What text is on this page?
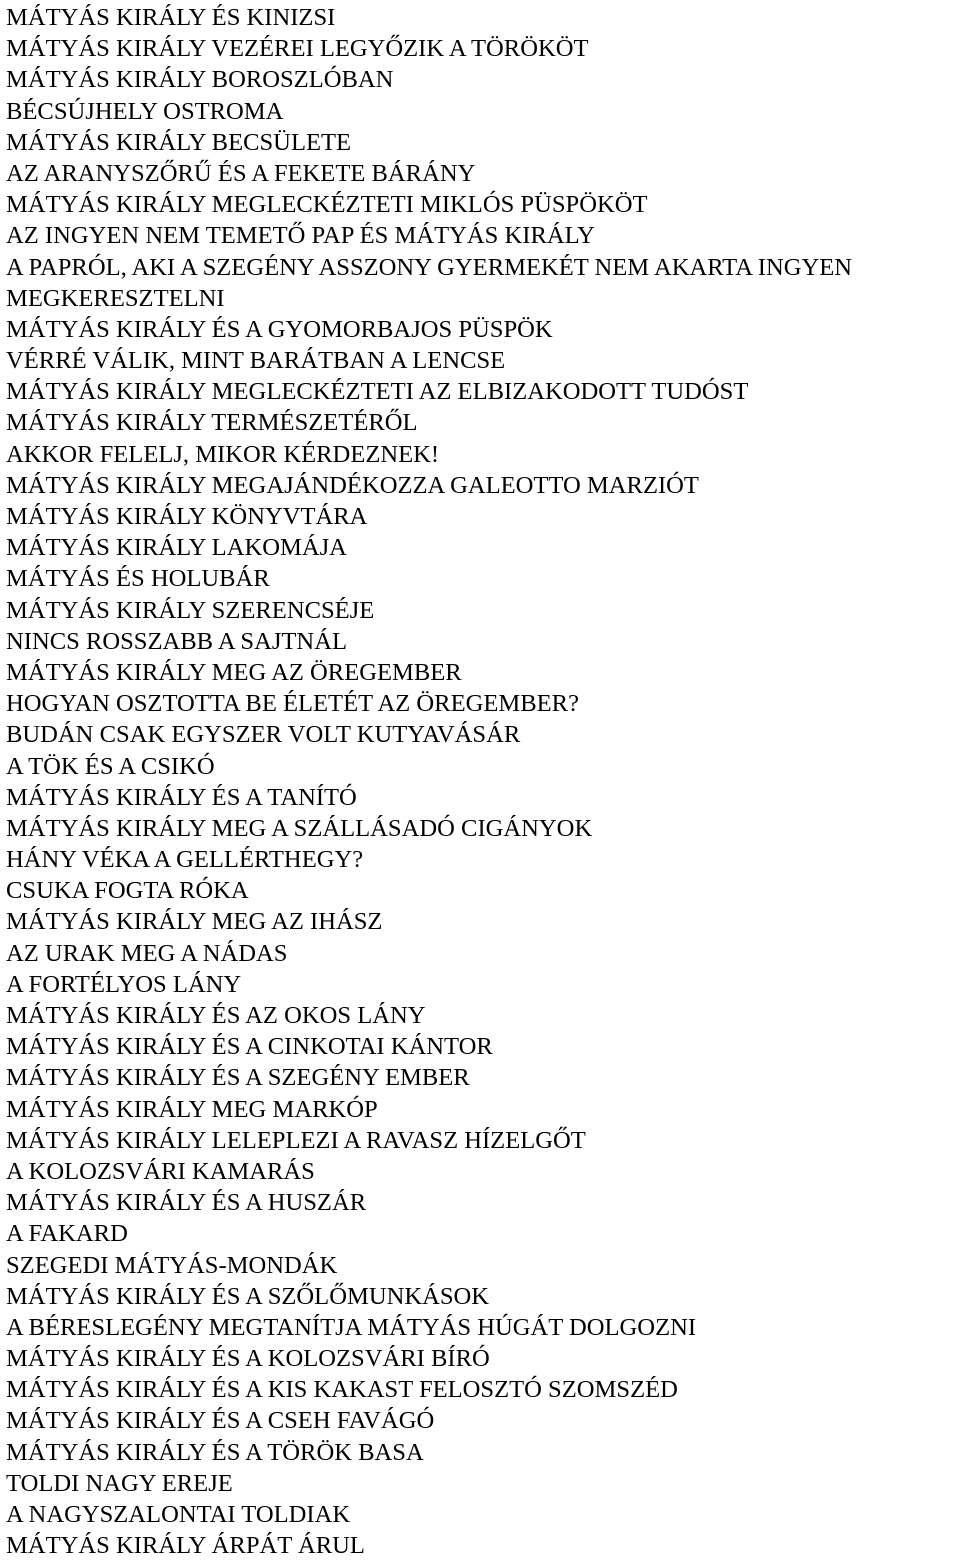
MÁTYÁS KIRÁLY ÉS KINIZSI
MÁTYÁS KIRÁLY VEZÉREI LEGYŐZIK A TÖRÖKÖT
MÁTYÁS KIRÁLY BOROSZLÓBAN
BÉCSÚJHELY OSTROMA
MÁTYÁS KIRÁLY BECSÜLETE
AZ ARANYSZŐRŰ ÉS A FEKETE BÁRÁNY
MÁTYÁS KIRÁLY MEGLECKÉZTETI MIKLÓS PÜSPÖKÖT
AZ INGYEN NEM TEMETŐ PAP ÉS MÁTYÁS KIRÁLY
A PAPRÓL, AKI A SZEGÉNY ASSZONY GYERMEKÉT NEM AKARTA INGYEN
MEGKERESZTELNI
MÁTYÁS KIRÁLY ÉS A GYOMORBAJOS PÜSPÖK
VÉRRÉ VÁLIK, MINT BARÁTBAN A LENCSE
MÁTYÁS KIRÁLY MEGLECKÉZTETI AZ ELBIZAKODOTT TUDÓST
MÁTYÁS KIRÁLY TERMÉSZETÉRŐL
AKKOR FELELJ, MIKOR KÉRDEZNEK!
MÁTYÁS KIRÁLY MEGAJÁNDÉKOZZA GALEOTTO MARZIÓT
MÁTYÁS KIRÁLY KÖNYVTÁRA
MÁTYÁS KIRÁLY LAKOMÁJA
MÁTYÁS ÉS HOLUBÁR
MÁTYÁS KIRÁLY SZERENCSÉJE
NINCS ROSSZABB A SAJTNÁL
MÁTYÁS KIRÁLY MEG AZ ÖREGEMBER
HOGYAN OSZTOTTA BE ÉLETÉT AZ ÖREGEMBER?
BUDÁN CSAK EGYSZER VOLT KUTYAVÁSÁR
A TÖK ÉS A CSIKÓ
MÁTYÁS KIRÁLY ÉS A TANÍTÓ
MÁTYÁS KIRÁLY MEG A SZÁLLÁSADÓ CIGÁNYOK
HÁNY VÉKA A GELLÉRTHEGY?
CSUKA FOGTA RÓKA
MÁTYÁS KIRÁLY MEG AZ IHÁSZ
AZ URAK MEG A NÁDAS
A FORTÉLYOS LÁNY
MÁTYÁS KIRÁLY ÉS AZ OKOS LÁNY
MÁTYÁS KIRÁLY ÉS A CINKOTAI KÁNTOR
MÁTYÁS KIRÁLY ÉS A SZEGÉNY EMBER
MÁTYÁS KIRÁLY MEG MARKÓP
MÁTYÁS KIRÁLY LELEPLEZI A RAVASZ HÍZELGŐT
A KOLOZSVÁRI KAMARÁS
MÁTYÁS KIRÁLY ÉS A HUSZÁR
A FAKARD
SZEGEDI MÁTYÁS-MONDÁK
MÁTYÁS KIRÁLY ÉS A SZŐLŐMUNKÁSOK
A BÉRESLEGÉNY MEGTANÍTJA MÁTYÁS HÚGÁT DOLGOZNI
MÁTYÁS KIRÁLY ÉS A KOLOZSVÁRI BÍRÓ
MÁTYÁS KIRÁLY ÉS A KIS KAKAST FELOSZTÓ SZOMSZÉD
MÁTYÁS KIRÁLY ÉS A CSEH FAVÁGÓ
MÁTYÁS KIRÁLY ÉS A TÖRÖK BASA
TOLDI NAGY EREJE
A NAGYSZALONTAI TOLDIAK
MÁTYÁS KIRÁLY ÁRPÁT ÁRUL
